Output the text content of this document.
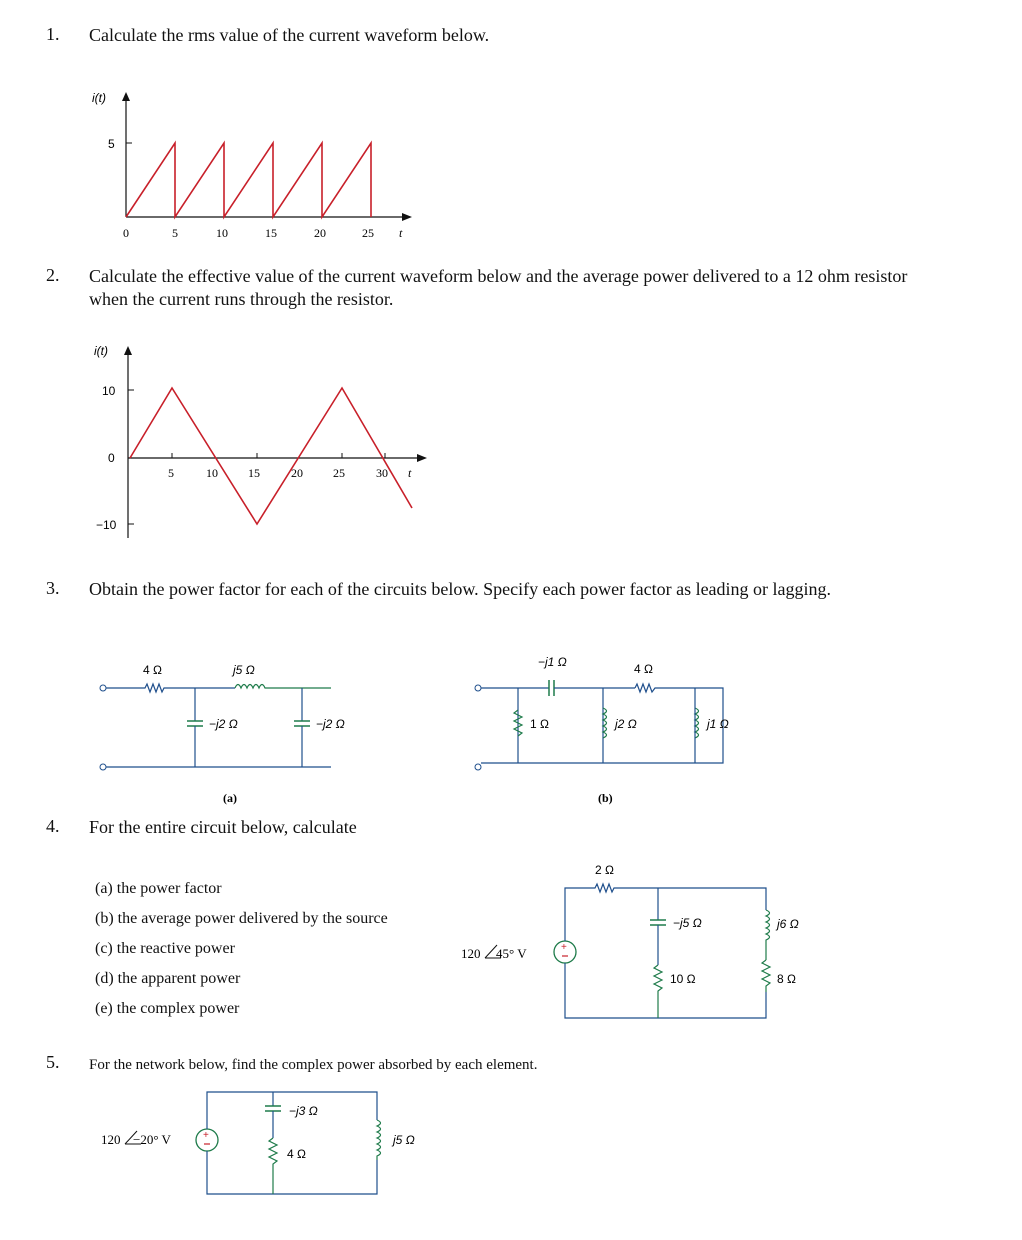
1. Calculate the rms value of the current waveform below.
i(t)
5
0	5	10	15	20	25 t
2. Calculate the effective value of the current waveform below and the average power delivered to a 12 ohm resistor when the current runs through the resistor.
i(t)
10
0
−10
5	10	15	20	25	30 t
3. Obtain the power factor for each of the circuits below. Specify each power factor as leading or lagging.
4 Ω	j5 Ω
−j2 Ω	−j2 Ω
(a)
−j1 Ω	4 Ω
1 Ω	j2 Ω	j1 Ω
(b)
4. For the entire circuit below, calculate
(a) the power factor
(b) the average power delivered by the source
(c) the reactive power
(d) the apparent power
(e) the complex power
120 45° V	+
2 Ω
−j5 Ω
10 Ω
j6 Ω
8 Ω
5. For the network below, find the complex power absorbed by each element.
120 −20° V	+
−j3 Ω
4 Ω
j5 Ω
